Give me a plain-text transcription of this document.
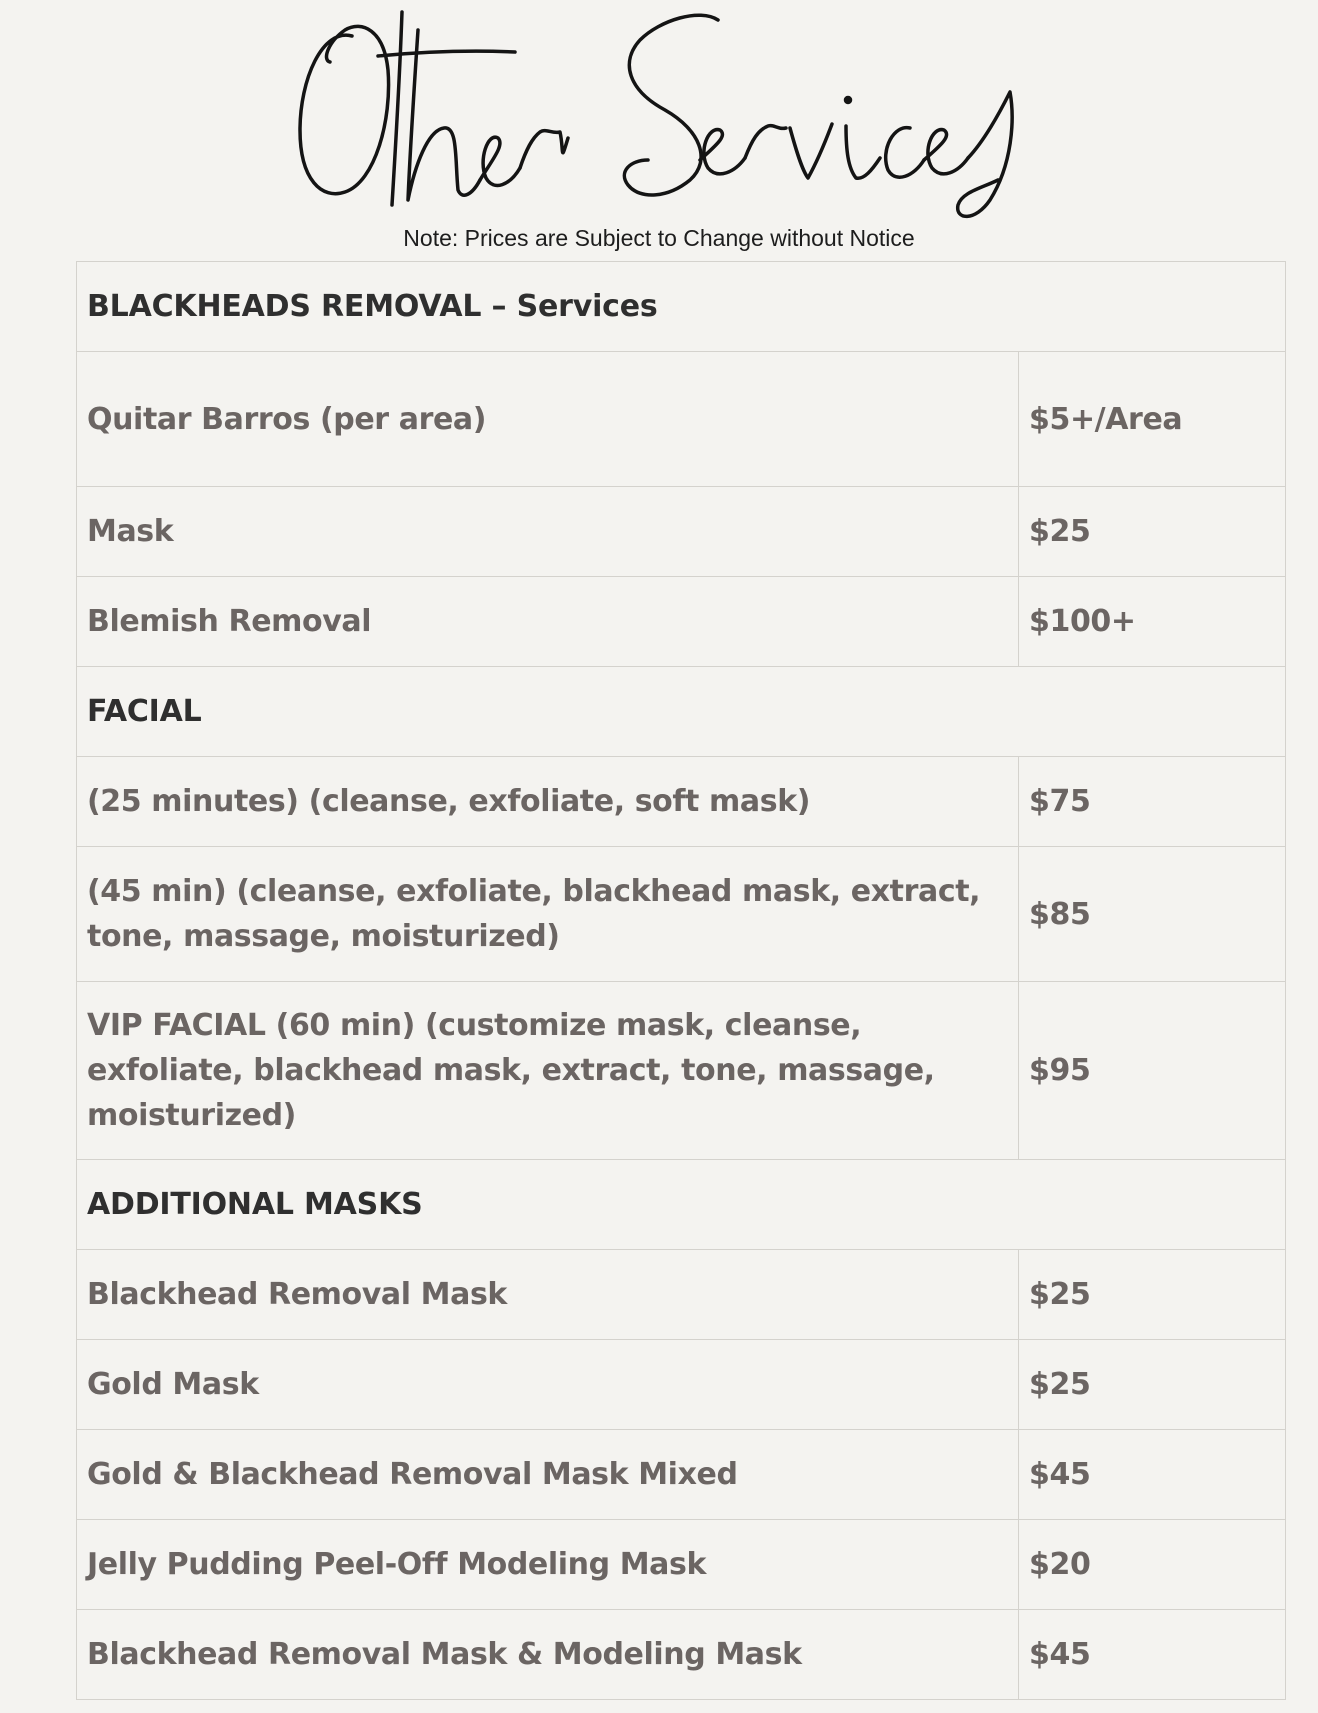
Note: Prices are Subject to Change without Notice
BLACKHEADS REMOVAL – Services	
Quitar Barros (per area)	$5+/Area
Mask	$25
Blemish Removal	$100+
FACIAL	
(25 minutes) (cleanse, exfoliate, soft mask)	$75
(45 min) (cleanse, exfoliate, blackhead mask, extract, tone, massage, moisturized)	$85
VIP FACIAL (60 min) (customize mask, cleanse, exfoliate, blackhead mask, extract, tone, massage, moisturized)	$95
ADDITIONAL MASKS	
Blackhead Removal Mask	$25
Gold Mask	$25
Gold & Blackhead Removal Mask Mixed	$45
Jelly Pudding Peel-Off Modeling Mask	$20
Blackhead Removal Mask & Modeling Mask	$45
